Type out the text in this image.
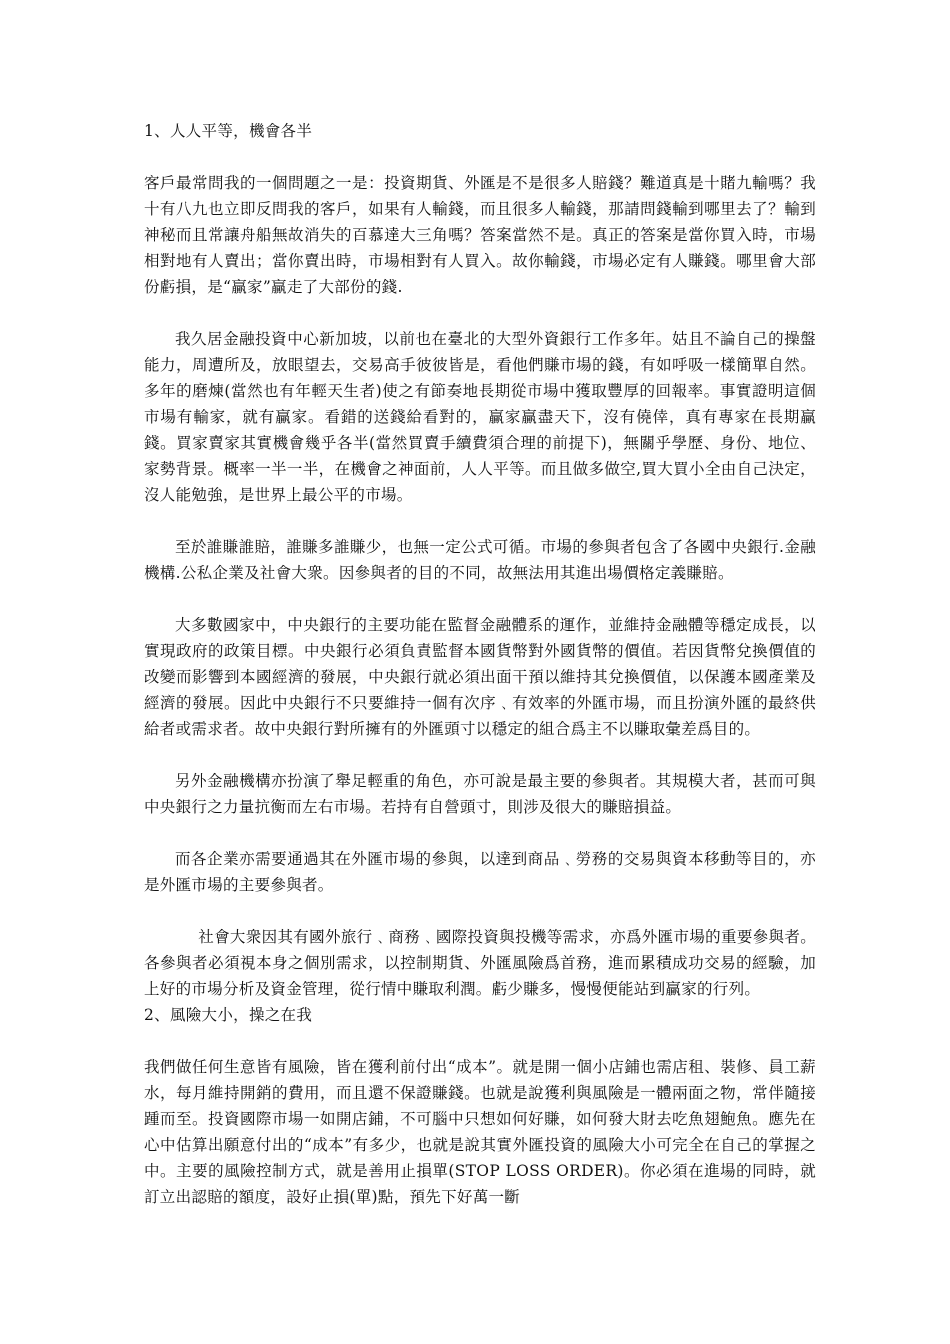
1、人人平等，機會各半

客戶最常問我的一個問題之一是：投資期貨、外匯是不是很多人賠錢？難道真是十賭九輸嗎？我十有八九也立即反問我的客戶，如果有人輸錢，而且很多人輸錢，那請問錢輸到哪里去了？輸到神秘而且常讓舟船無故消失的百慕達大三角嗎？答案當然不是。真正的答案是當你買入時，市場相對地有人賣出；當你賣出時，市場相對有人買入。故你輸錢，市場必定有人賺錢。哪里會大部份虧損，是“贏家”贏走了大部份的錢.

我久居金融投資中心新加坡，以前也在臺北的大型外資銀行工作多年。姑且不論自己的操盤能力，周遭所及，放眼望去，交易高手彼彼皆是，看他們賺市場的錢，有如呼吸一樣簡單自然。多年的磨煉(當然也有年輕天生者)使之有節奏地長期從市場中獲取豐厚的回報率。事實證明這個市場有輸家，就有贏家。看錯的送錢給看對的，贏家贏盡天下，沒有僥倖，真有專家在長期贏錢。買家賣家其實機會幾乎各半(當然買賣手續費須合理的前提下)，無關乎學歷、身份、地位、家勢背景。概率一半一半，在機會之神面前，人人平等。而且做多做空,買大買小全由自己決定，沒人能勉強，是世界上最公平的市場。

至於誰賺誰賠，誰賺多誰賺少，也無一定公式可循。市場的參與者包含了各國中央銀行.金融機構.公私企業及社會大衆。因參與者的目的不同，故無法用其進出場價格定義賺賠。

大多數國家中，中央銀行的主要功能在監督金融體系的運作，並維持金融體等穩定成長，以實現政府的政策目標。中央銀行必須負責監督本國貨幣對外國貨幣的價值。若因貨幣兌換價值的改變而影響到本國經濟的發展，中央銀行就必須出面干預以維持其兌換價值，以保護本國產業及經濟的發展。因此中央銀行不只要維持一個有次序﹑有效率的外匯市場，而且扮演外匯的最終供給者或需求者。故中央銀行對所擁有的外匯頭寸以穩定的組合爲主不以賺取彙差爲目的。

另外金融機構亦扮演了舉足輕重的角色，亦可說是最主要的參與者。其規模大者，甚而可與中央銀行之力量抗衡而左右市場。若持有自營頭寸，則涉及很大的賺賠損益。

而各企業亦需要通過其在外匯市場的參與，以達到商品﹑勞務的交易與資本移動等目的，亦是外匯市場的主要參與者。

社會大衆因其有國外旅行﹑商務﹑國際投資與投機等需求，亦爲外匯市場的重要參與者。各參與者必須視本身之個別需求，以控制期貨、外匯風險爲首務，進而累積成功交易的經驗，加上好的市場分析及資金管理，從行情中賺取利潤。虧少賺多，慢慢便能站到贏家的行列。

2、風險大小，操之在我

我們做任何生意皆有風險，皆在獲利前付出“成本”。就是開一個小店鋪也需店租、裝修、員工薪水，每月維持開銷的費用，而且還不保證賺錢。也就是說獲利與風險是一體兩面之物，常伴隨接踵而至。投資國際市場一如開店鋪，不可腦中只想如何好賺，如何發大財去吃魚翅鮑魚。應先在心中估算出願意付出的“成本”有多少，也就是說其實外匯投資的風險大小可完全在自己的掌握之中。主要的風險控制方式，就是善用止損單(STOP LOSS ORDER)。你必須在進場的同時，就訂立出認賠的額度，設好止損(單)點，預先下好萬一斷
